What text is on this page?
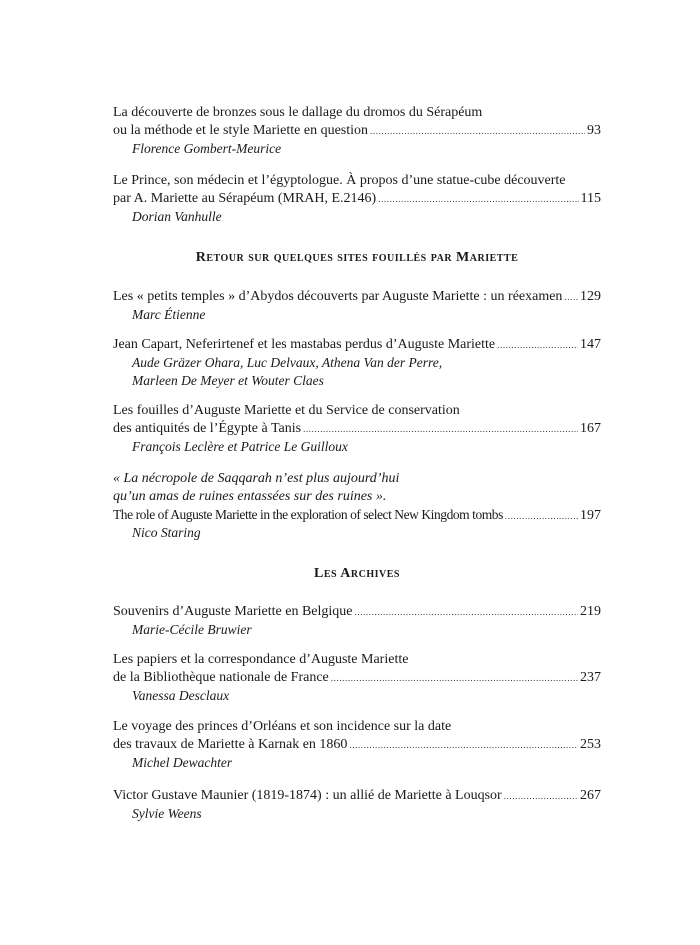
La découverte de bronzes sous le dallage du dromos du Sérapéum
ou la méthode et le style Mariette en question .....	93
Florence Gombert-Meurice
Le Prince, son médecin et l’égyptologue. À propos d’une statue-cube découverte
par A. Mariette au Sérapéum (MRAH, E.2146) .....	115
Dorian Vanhulle
Retour sur quelques sites fouillés par Mariette
Les « petits temples » d’Abydos découverts par Auguste Mariette : un réexamen ..... 129
Marc Étienne
Jean Capart, Neferirtenef et les mastabas perdus d’Auguste Mariette .....	147
Aude Gräzer Ohara, Luc Delvaux, Athena Van der Perre,
Marleen De Meyer et Wouter Claes
Les fouilles d’Auguste Mariette et du Service de conservation
des antiquités de l’Égypte à Tanis .....	167
François Leclère et Patrice Le Guilloux
« La nécropole de Saqqarah n’est plus aujourd’hui
qu’un amas de ruines entassées sur des ruines ».
The role of Auguste Mariette in the exploration of select New Kingdom tombs .....	197
Nico Staring
Les Archives
Souvenirs d’Auguste Mariette en Belgique .....	219
Marie-Cécile Bruwier
Les papiers et la correspondance d’Auguste Mariette
de la Bibliothèque nationale de France .....	237
Vanessa Desclaux
Le voyage des princes d’Orléans et son incidence sur la date
des travaux de Mariette à Karnak en 1860 .....	253
Michel Dewachter
Victor Gustave Maunier (1819-1874) : un allié de Mariette à Louqsor .....	267
Sylvie Weens
